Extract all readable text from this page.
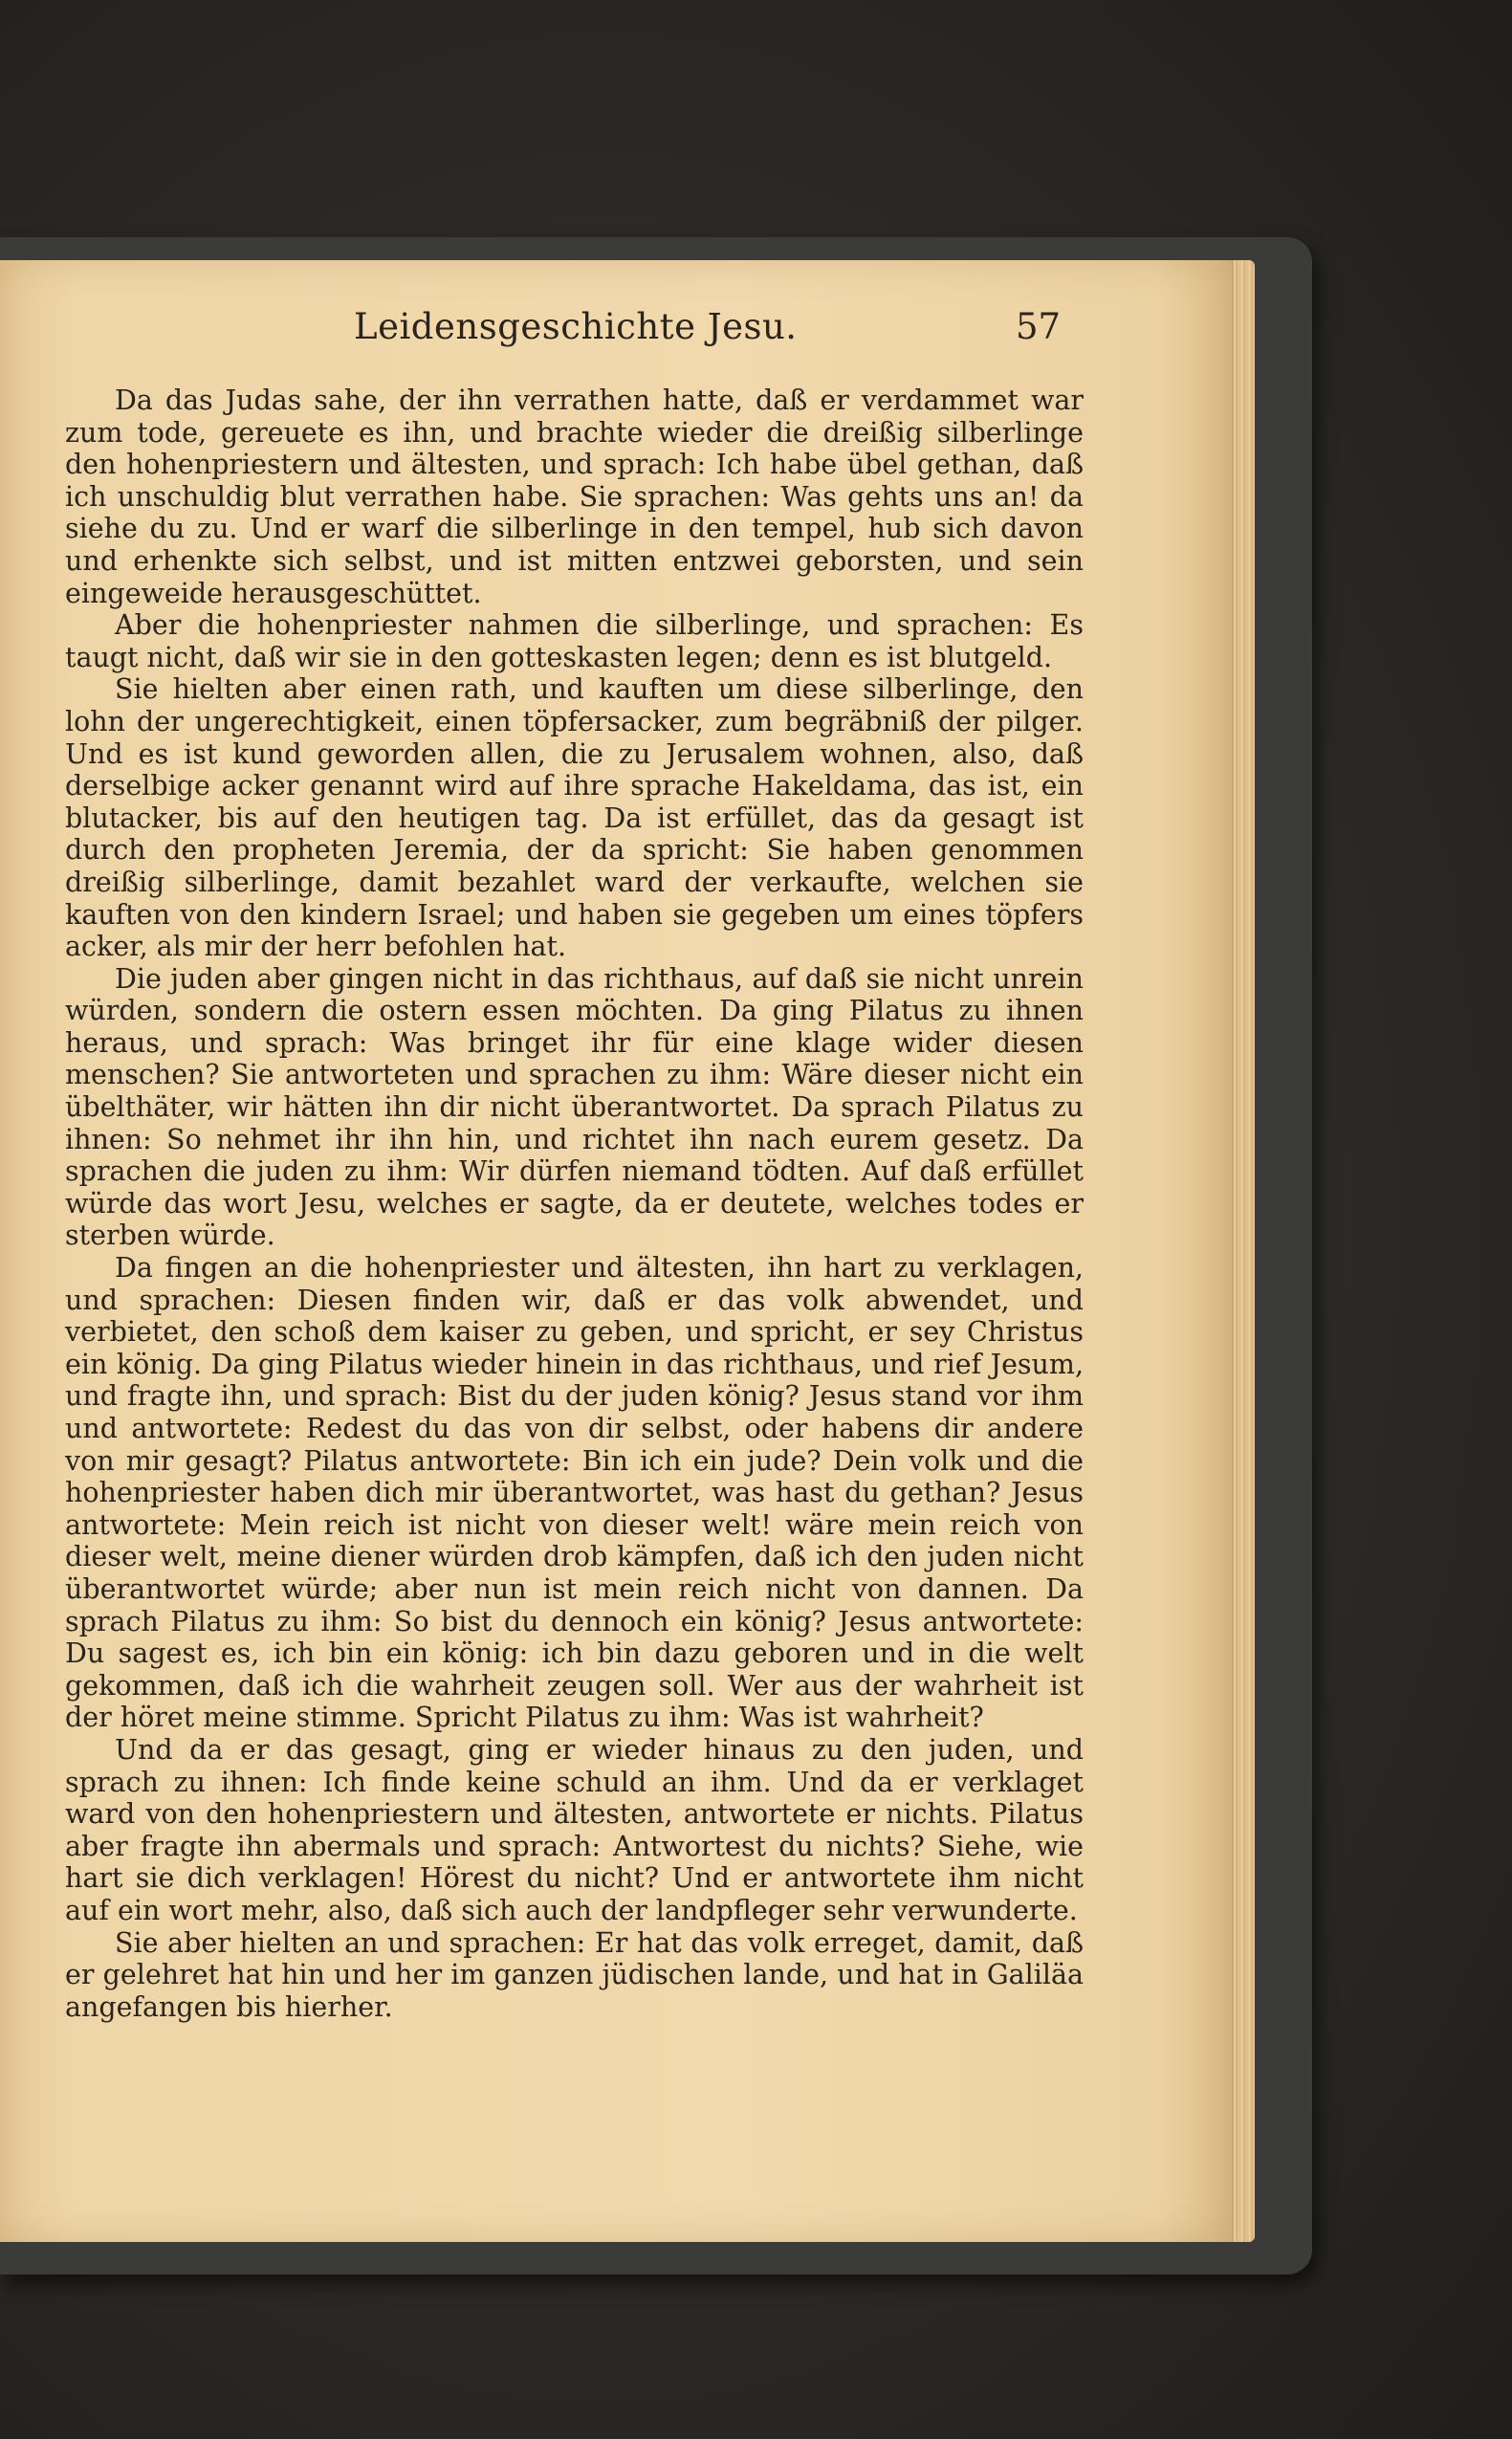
Leidensgeschichte Jesu.	57

Da das Judas sahe, der ihn verrathen hatte, daß er verdammet war zum tode, gereuete es ihn, und brachte wieder die dreißig silberlinge den hohenpriestern und ältesten, und sprach: Ich habe übel gethan, daß ich unschuldig blut verrathen habe. Sie sprachen: Was gehts uns an! da siehe du zu. Und er warf die silberlinge in den tempel, hub sich davon und erhenkte sich selbst, und ist mitten entzwei geborsten, und sein eingeweide herausgeschüttet.

Aber die hohenpriester nahmen die silberlinge, und sprachen: Es taugt nicht, daß wir sie in den gotteskasten legen; denn es ist blutgeld.

Sie hielten aber einen rath, und kauften um diese silberlinge, den lohn der ungerechtigkeit, einen töpfersacker, zum begräbniß der pilger. Und es ist kund geworden allen, die zu Jerusalem wohnen, also, daß derselbige acker genannt wird auf ihre sprache Hakeldama, das ist, ein blutacker, bis auf den heutigen tag. Da ist erfüllet, das da gesagt ist durch den propheten Jeremia, der da spricht: Sie haben genommen dreißig silberlinge, damit bezahlet ward der verkaufte, welchen sie kauften von den kindern Israel; und haben sie gegeben um eines töpfers acker, als mir der herr befohlen hat.

Die juden aber gingen nicht in das richthaus, auf daß sie nicht unrein würden, sondern die ostern essen möchten. Da ging Pilatus zu ihnen heraus, und sprach: Was bringet ihr für eine klage wider diesen menschen? Sie antworteten und sprachen zu ihm: Wäre dieser nicht ein übelthäter, wir hätten ihn dir nicht überantwortet. Da sprach Pilatus zu ihnen: So nehmet ihr ihn hin, und richtet ihn nach eurem gesetz. Da sprachen die juden zu ihm: Wir dürfen niemand tödten. Auf daß erfüllet würde das wort Jesu, welches er sagte, da er deutete, welches todes er sterben würde.

Da fingen an die hohenpriester und ältesten, ihn hart zu verklagen, und sprachen: Diesen finden wir, daß er das volk abwendet, und verbietet, den schoß dem kaiser zu geben, und spricht, er sey Christus ein könig. Da ging Pilatus wieder hinein in das richthaus, und rief Jesum, und fragte ihn, und sprach: Bist du der juden könig? Jesus stand vor ihm und antwortete: Redest du das von dir selbst, oder habens dir andere von mir gesagt? Pilatus antwortete: Bin ich ein jude? Dein volk und die hohenpriester haben dich mir überantwortet, was hast du gethan? Jesus antwortete: Mein reich ist nicht von dieser welt! wäre mein reich von dieser welt, meine diener würden drob kämpfen, daß ich den juden nicht überantwortet würde; aber nun ist mein reich nicht von dannen. Da sprach Pilatus zu ihm: So bist du dennoch ein könig? Jesus antwortete: Du sagest es, ich bin ein könig: ich bin dazu geboren und in die welt gekommen, daß ich die wahrheit zeugen soll. Wer aus der wahrheit ist der höret meine stimme. Spricht Pilatus zu ihm: Was ist wahrheit?

Und da er das gesagt, ging er wieder hinaus zu den juden, und sprach zu ihnen: Ich finde keine schuld an ihm. Und da er verklaget ward von den hohenpriestern und ältesten, antwortete er nichts. Pilatus aber fragte ihn abermals und sprach: Antwortest du nichts? Siehe, wie hart sie dich verklagen! Hörest du nicht? Und er antwortete ihm nicht auf ein wort mehr, also, daß sich auch der landpfleger sehr verwunderte.

Sie aber hielten an und sprachen: Er hat das volk erreget, damit, daß er gelehret hat hin und her im ganzen jüdischen lande, und hat in Galiläa angefangen bis hierher.
